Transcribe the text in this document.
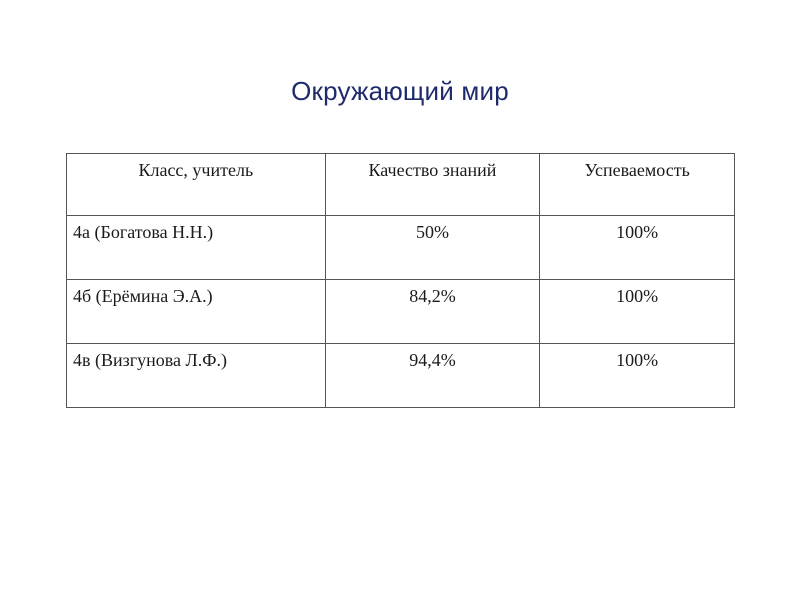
Окружающий мир
Класс, учитель	Качество знаний	Успеваемость
4а (Богатова Н.Н.)	50%	100%
4б (Ерёмина Э.А.)	84,2%	100%
4в (Визгунова Л.Ф.)	94,4%	100%
